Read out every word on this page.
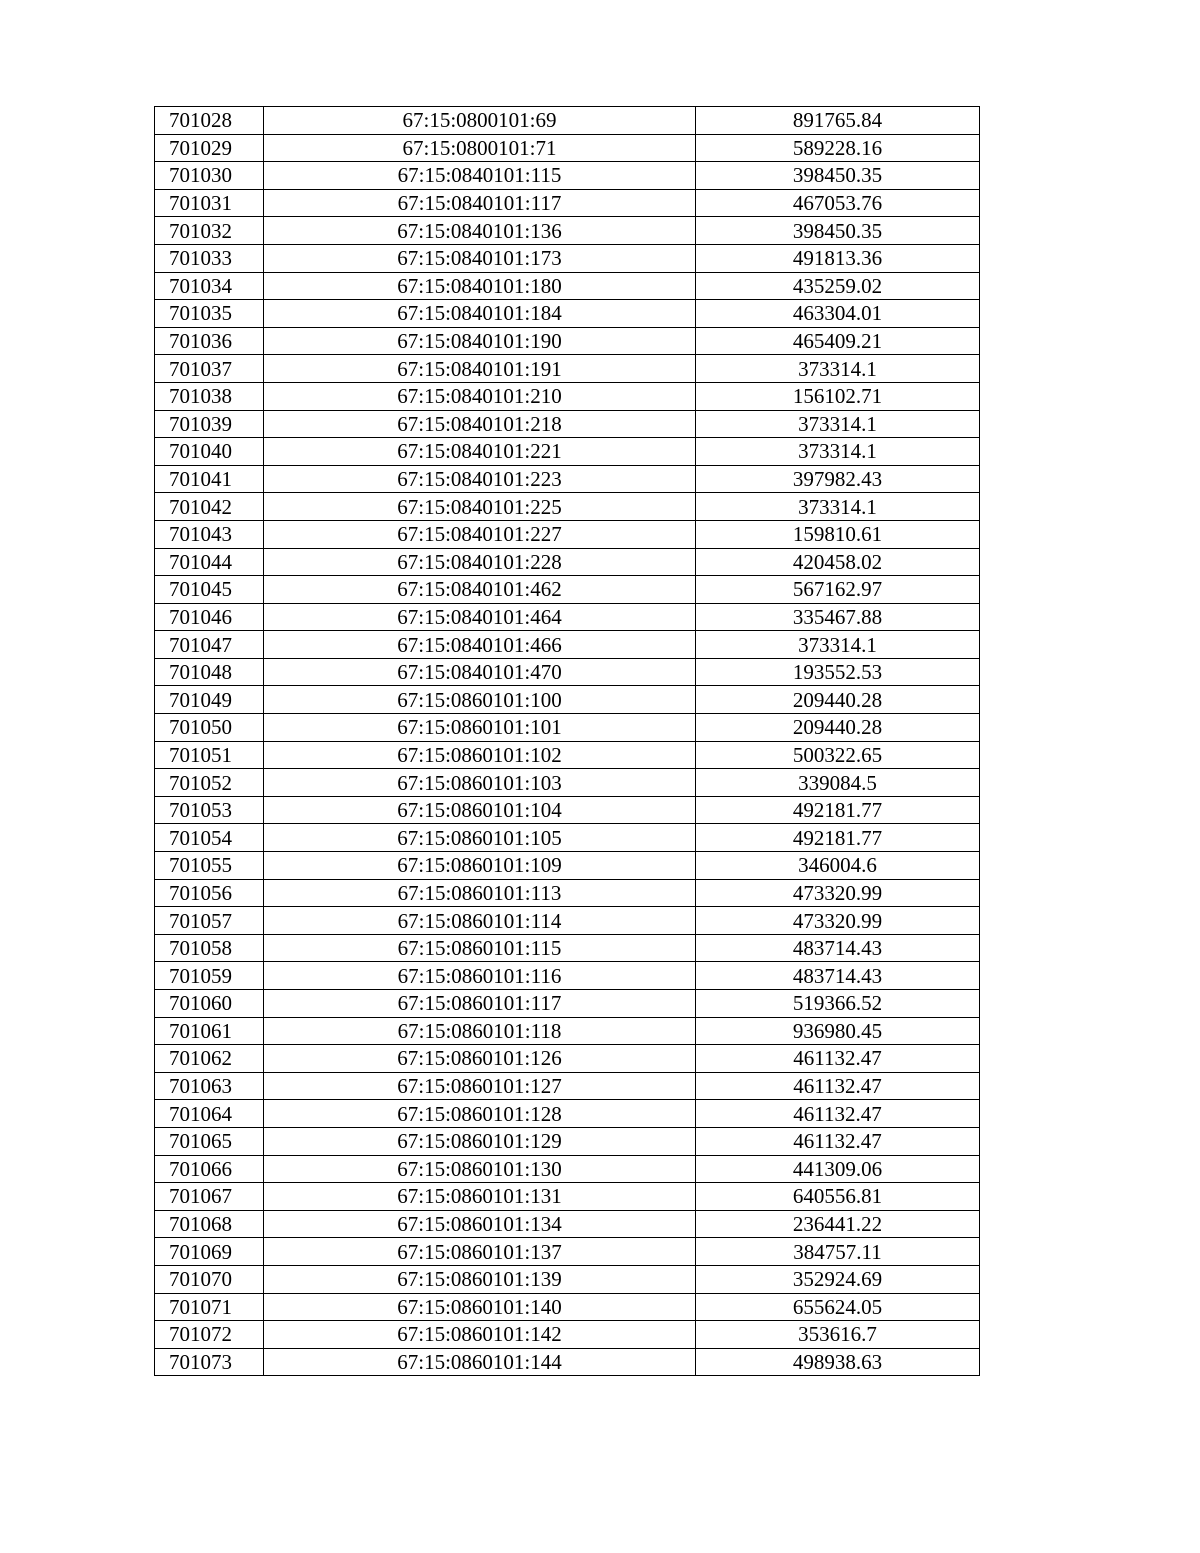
701028	67:15:0800101:69	891765.84
701029	67:15:0800101:71	589228.16
701030	67:15:0840101:115	398450.35
701031	67:15:0840101:117	467053.76
701032	67:15:0840101:136	398450.35
701033	67:15:0840101:173	491813.36
701034	67:15:0840101:180	435259.02
701035	67:15:0840101:184	463304.01
701036	67:15:0840101:190	465409.21
701037	67:15:0840101:191	373314.1
701038	67:15:0840101:210	156102.71
701039	67:15:0840101:218	373314.1
701040	67:15:0840101:221	373314.1
701041	67:15:0840101:223	397982.43
701042	67:15:0840101:225	373314.1
701043	67:15:0840101:227	159810.61
701044	67:15:0840101:228	420458.02
701045	67:15:0840101:462	567162.97
701046	67:15:0840101:464	335467.88
701047	67:15:0840101:466	373314.1
701048	67:15:0840101:470	193552.53
701049	67:15:0860101:100	209440.28
701050	67:15:0860101:101	209440.28
701051	67:15:0860101:102	500322.65
701052	67:15:0860101:103	339084.5
701053	67:15:0860101:104	492181.77
701054	67:15:0860101:105	492181.77
701055	67:15:0860101:109	346004.6
701056	67:15:0860101:113	473320.99
701057	67:15:0860101:114	473320.99
701058	67:15:0860101:115	483714.43
701059	67:15:0860101:116	483714.43
701060	67:15:0860101:117	519366.52
701061	67:15:0860101:118	936980.45
701062	67:15:0860101:126	461132.47
701063	67:15:0860101:127	461132.47
701064	67:15:0860101:128	461132.47
701065	67:15:0860101:129	461132.47
701066	67:15:0860101:130	441309.06
701067	67:15:0860101:131	640556.81
701068	67:15:0860101:134	236441.22
701069	67:15:0860101:137	384757.11
701070	67:15:0860101:139	352924.69
701071	67:15:0860101:140	655624.05
701072	67:15:0860101:142	353616.7
701073	67:15:0860101:144	498938.63
